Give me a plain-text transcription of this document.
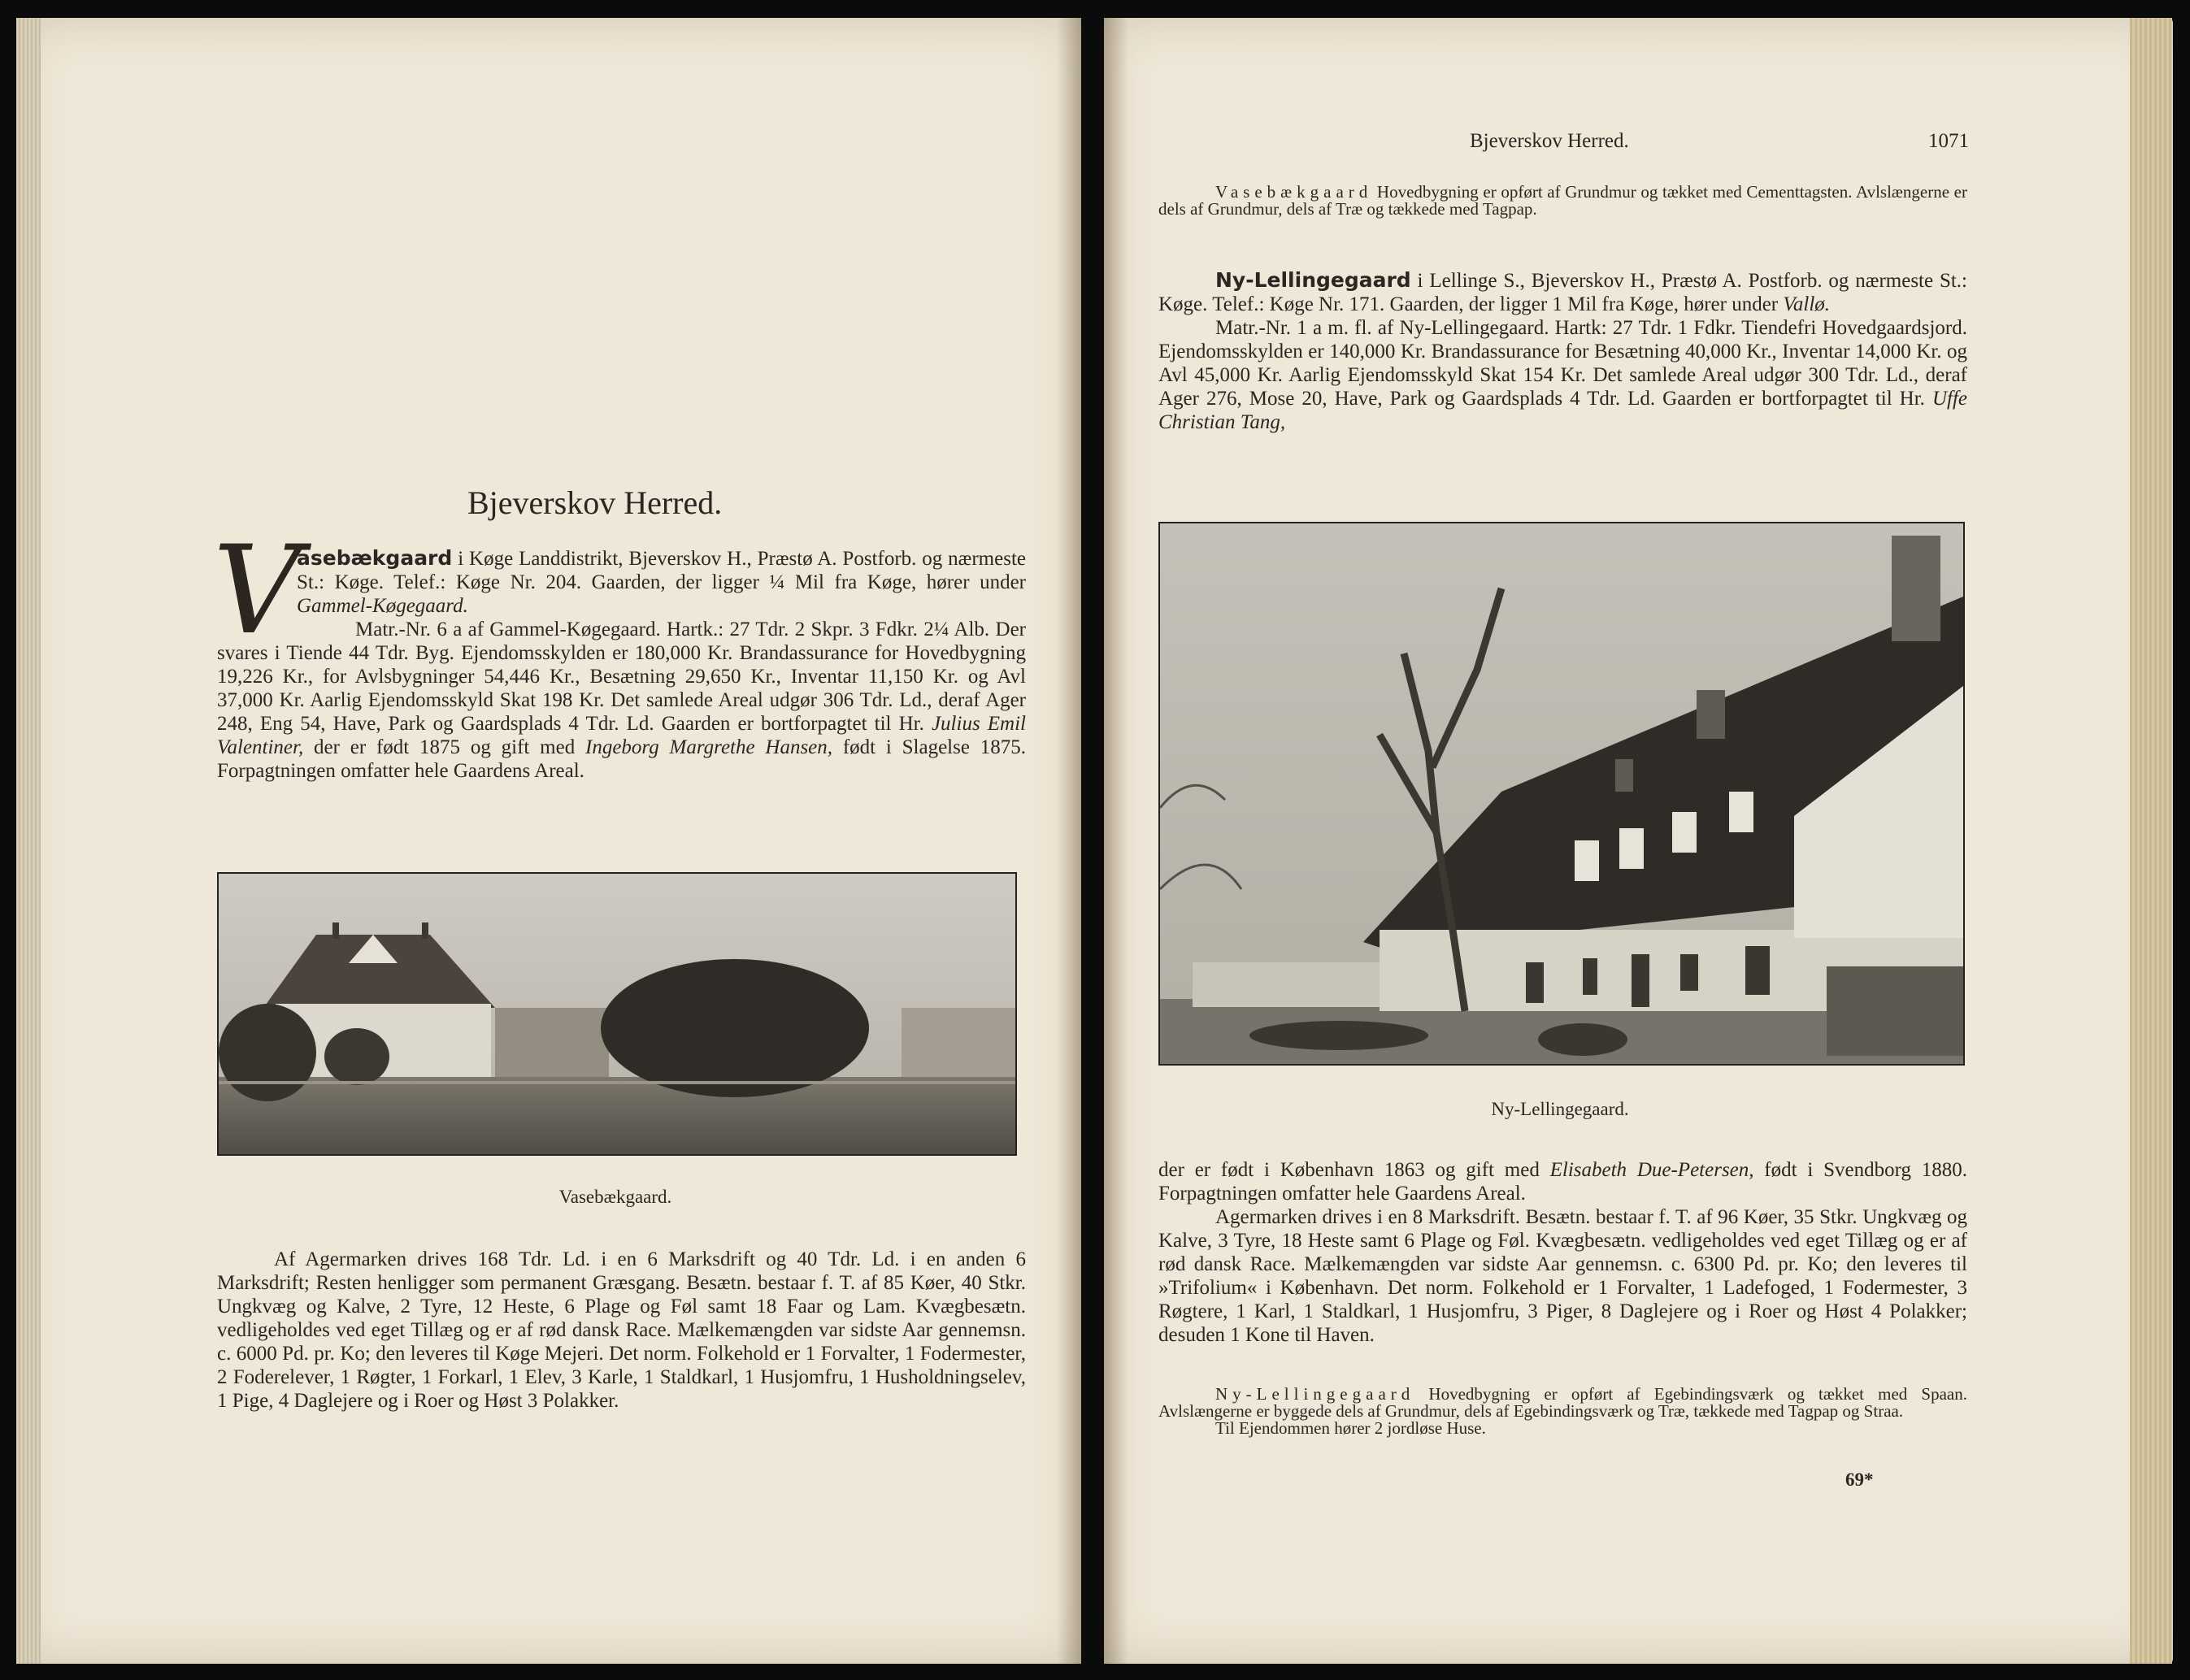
Bjeverskov Herred.
V

asebækgaard i Køge Landdistrikt, Bjeverskov H., Præstø A. Postforb. og nærmeste St.: Køge. Telef.: Køge Nr. 204. Gaarden, der ligger ¼ Mil fra Køge, hører under Gammel-Køgegaard.

Matr.-Nr. 6 a af Gammel-Køgegaard. Hartk.: 27 Tdr. 2 Skpr. 3 Fdkr. 2¼ Alb. Der svares i Tiende 44 Tdr. Byg. Ejendomsskylden er 180,000 Kr. Brandassurance for Hovedbygning 19,226 Kr., for Avlsbygninger 54,446 Kr., Besætning 29,650 Kr., Inventar 11,150 Kr. og Avl 37,000 Kr. Aarlig Ejendomsskyld Skat 198 Kr. Det samlede Areal udgør 306 Tdr. Ld., deraf Ager 248, Eng 54, Have, Park og Gaardsplads 4 Tdr. Ld. Gaarden er bortforpagtet til Hr. Julius Emil Valentiner, der er født 1875 og gift med Ingeborg Margrethe Hansen, født i Slagelse 1875. Forpagtningen omfatter hele Gaardens Areal.

Vasebækgaard.

Af Agermarken drives 168 Tdr. Ld. i en 6 Marksdrift og 40 Tdr. Ld. i en anden 6 Marksdrift; Resten henligger som permanent Græsgang. Besætn. bestaar f. T. af 85 Køer, 40 Stkr. Ungkvæg og Kalve, 2 Tyre, 12 Heste, 6 Plage og Føl samt 18 Faar og Lam. Kvægbesætn. vedligeholdes ved eget Tillæg og er af rød dansk Race. Mælkemængden var sidste Aar gennemsn. c. 6000 Pd. pr. Ko; den leveres til Køge Mejeri. Det norm. Folkehold er 1 Forvalter, 1 Fodermester, 2 Foderelever, 1 Røgter, 1 Forkarl, 1 Elev, 3 Karle, 1 Staldkarl, 1 Husjomfru, 1 Husholdningselev, 1 Pige, 4 Daglejere og i Roer og Høst 3 Polakker.

Bjeverskov Herred.	1071

Vasebækgaard Hovedbygning er opført af Grundmur og tækket med Cementtagsten. Avlslængerne er dels af Grundmur, dels af Træ og tækkede med Tagpap.

Ny-Lellingegaard i Lellinge S., Bjeverskov H., Præstø A. Postforb. og nærmeste St.: Køge. Telef.: Køge Nr. 171. Gaarden, der ligger 1 Mil fra Køge, hører under Vallø.

Matr.-Nr. 1 a m. fl. af Ny-Lellingegaard. Hartk: 27 Tdr. 1 Fdkr. Tiendefri Hovedgaardsjord. Ejendomsskylden er 140,000 Kr. Brandassurance for Besætning 40,000 Kr., Inventar 14,000 Kr. og Avl 45,000 Kr. Aarlig Ejendomsskyld Skat 154 Kr. Det samlede Areal udgør 300 Tdr. Ld., deraf Ager 276, Mose 20, Have, Park og Gaardsplads 4 Tdr. Ld. Gaarden er bortforpagtet til Hr. Uffe Christian Tang,

Ny-Lellingegaard.

der er født i København 1863 og gift med Elisabeth Due-Petersen, født i Svendborg 1880. Forpagtningen omfatter hele Gaardens Areal.

Agermarken drives i en 8 Marksdrift. Besætn. bestaar f. T. af 96 Køer, 35 Stkr. Ungkvæg og Kalve, 3 Tyre, 18 Heste samt 6 Plage og Føl. Kvægbesætn. vedligeholdes ved eget Tillæg og er af rød dansk Race. Mælkemængden var sidste Aar gennemsn. c. 6300 Pd. pr. Ko; den leveres til »Trifolium« i København. Det norm. Folkehold er 1 Forvalter, 1 Ladefoged, 1 Fodermester, 3 Røgtere, 1 Karl, 1 Staldkarl, 1 Husjomfru, 3 Piger, 8 Daglejere og i Roer og Høst 4 Polakker; desuden 1 Kone til Haven.

Ny-Lellingegaard Hovedbygning er opført af Egebindingsværk og tækket med Spaan. Avlslængerne er byggede dels af Grundmur, dels af Egebindingsværk og Træ, tækkede med Tagpap og Straa.

Til Ejendommen hører 2 jordløse Huse.

69*
